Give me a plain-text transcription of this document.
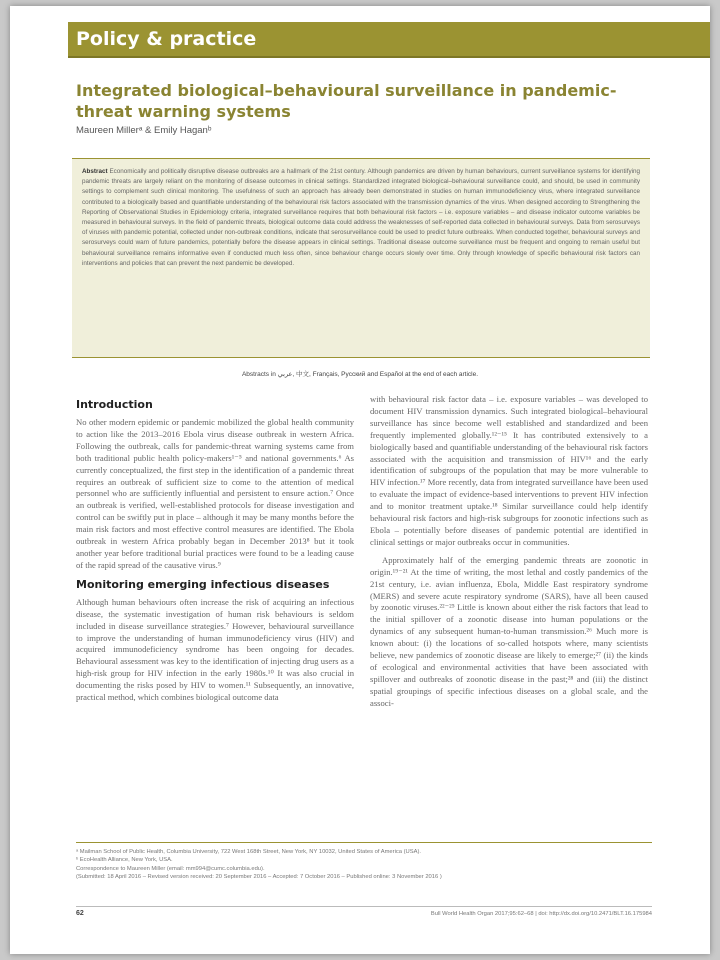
Policy & practice
Integrated biological–behavioural surveillance in pandemic-threat warning systems
Maureen Millerᵃ & Emily Haganᵇ
Abstract Economically and politically disruptive disease outbreaks are a hallmark of the 21st century. Although pandemics are driven by human behaviours, current surveillance systems for identifying pandemic threats are largely reliant on the monitoring of disease outcomes in clinical settings. Standardized integrated biological–behavioural surveillance could, and should, be used in community settings to complement such clinical monitoring. The usefulness of such an approach has already been demonstrated in studies on human immunodeficiency virus, where integrated surveillance contributed to a biologically based and quantifiable understanding of the behavioural risk factors associated with the transmission dynamics of the virus. When designed according to Strengthening the Reporting of Observational Studies in Epidemiology criteria, integrated surveillance requires that both behavioural risk factors – i.e. exposure variables – and disease indicator outcome variables be measured in behavioural surveys. In the field of pandemic threats, biological outcome data could address the weaknesses of self-reported data collected in behavioural surveys. Data from serosurveys of viruses with pandemic potential, collected under non-outbreak conditions, indicate that serosurveillance could be used to predict future outbreaks. When conducted together, behavioural surveys and serosurveys could warn of future pandemics, potentially before the disease appears in clinical settings. Traditional disease outcome surveillance must be frequent and ongoing to remain useful but behavioural surveillance remains informative even if conducted much less often, since behaviour change occurs slowly over time. Only through knowledge of specific behavioural risk factors can interventions and policies that can prevent the next pandemic be developed.
Abstracts in عربي, 中文, Français, Русский and Español at the end of each article.
Introduction

No other modern epidemic or pandemic mobilized the global health community to action like the 2013–2016 Ebola virus disease outbreak in western Africa. Following the outbreak, calls for pandemic-threat warning systems came from both traditional public health policy-makers¹⁻⁵ and national governments.⁶ As currently conceptualized, the first step in the identification of a pandemic threat requires an outbreak of sufficient size to come to the attention of medical personnel who are sufficiently influential and persistent to ensure action.⁷ Once an outbreak is verified, well-established protocols for disease investigation and control can be swiftly put in place – although it may be many months before the main risk factors and most effective control measures are identified. The Ebola outbreak in western Africa probably began in December 2013⁸ but it took another year before traditional burial practices were found to be a leading cause of the rapid spread of the causative virus.⁹

Monitoring emerging infectious diseases

Although human behaviours often increase the risk of acquiring an infectious disease, the systematic investigation of human risk behaviours is seldom included in disease surveillance strategies.⁷ However, behavioural surveillance to improve the understanding of human immunodeficiency virus (HIV) and acquired immunodeficiency syndrome has been ongoing for decades. Behavioural assessment was key to the identification of injecting drug users as a high-risk group for HIV infection in the early 1980s.¹⁰ It was also crucial in documenting the risks posed by HIV to women.¹¹ Subsequently, an innovative, practical method, which combines biological outcome data

with behavioural risk factor data – i.e. exposure variables – was developed to document HIV transmission dynamics. Such integrated biological–behavioural surveillance has since become well established and standardized and been frequently implemented globally.¹²⁻¹⁵ It has contributed extensively to a biologically based and quantifiable understanding of the behavioural risk factors associated with the acquisition and transmission of HIV¹⁶ and the early identification of subgroups of the population that may be more vulnerable to HIV infection.¹⁷ More recently, data from integrated surveillance have been used to evaluate the impact of evidence-based interventions to prevent HIV infection and to monitor treatment uptake.¹⁸ Similar surveillance could help identify behavioural risk factors and high-risk subgroups for zoonotic infections such as Ebola – potentially before diseases of pandemic potential are identified in clinical settings or major outbreaks occur in communities.

Approximately half of the emerging pandemic threats are zoonotic in origin.¹⁹⁻²¹ At the time of writing, the most lethal and costly pandemics of the 21st century, i.e. avian influenza, Ebola, Middle East respiratory syndrome (MERS) and severe acute respiratory syndrome (SARS), have all been caused by zoonotic viruses.²²⁻²⁵ Little is known about either the risk factors that lead to the initial spillover of a zoonotic disease into human populations or the dynamics of any subsequent human-to-human transmission.²⁶ Much more is known about: (i) the locations of so-called hotspots where, many scientists believe, new pandemics of zoonotic disease are likely to emerge;²⁷ (ii) the kinds of ecological and environmental activities that have been associated with spillover and outbreaks of zoonotic disease in the past;²⁸ and (iii) the distinct spatial groupings of specific infectious diseases on a global scale, and the associ-

ᵃ Mailman School of Public Health, Columbia University, 722 West 168th Street, New York, NY 10032, United States of America (USA).
ᵇ EcoHealth Alliance, New York, USA.
Correspondence to Maureen Miller (email: mm994@cumc.columbia.edu).
(Submitted: 18 April 2016 – Revised version received: 20 September 2016 – Accepted: 7 October 2016 – Published online: 3 November 2016 )
62	Bull World Health Organ 2017;95:62–68 | doi: http://dx.doi.org/10.2471/BLT.16.175984
